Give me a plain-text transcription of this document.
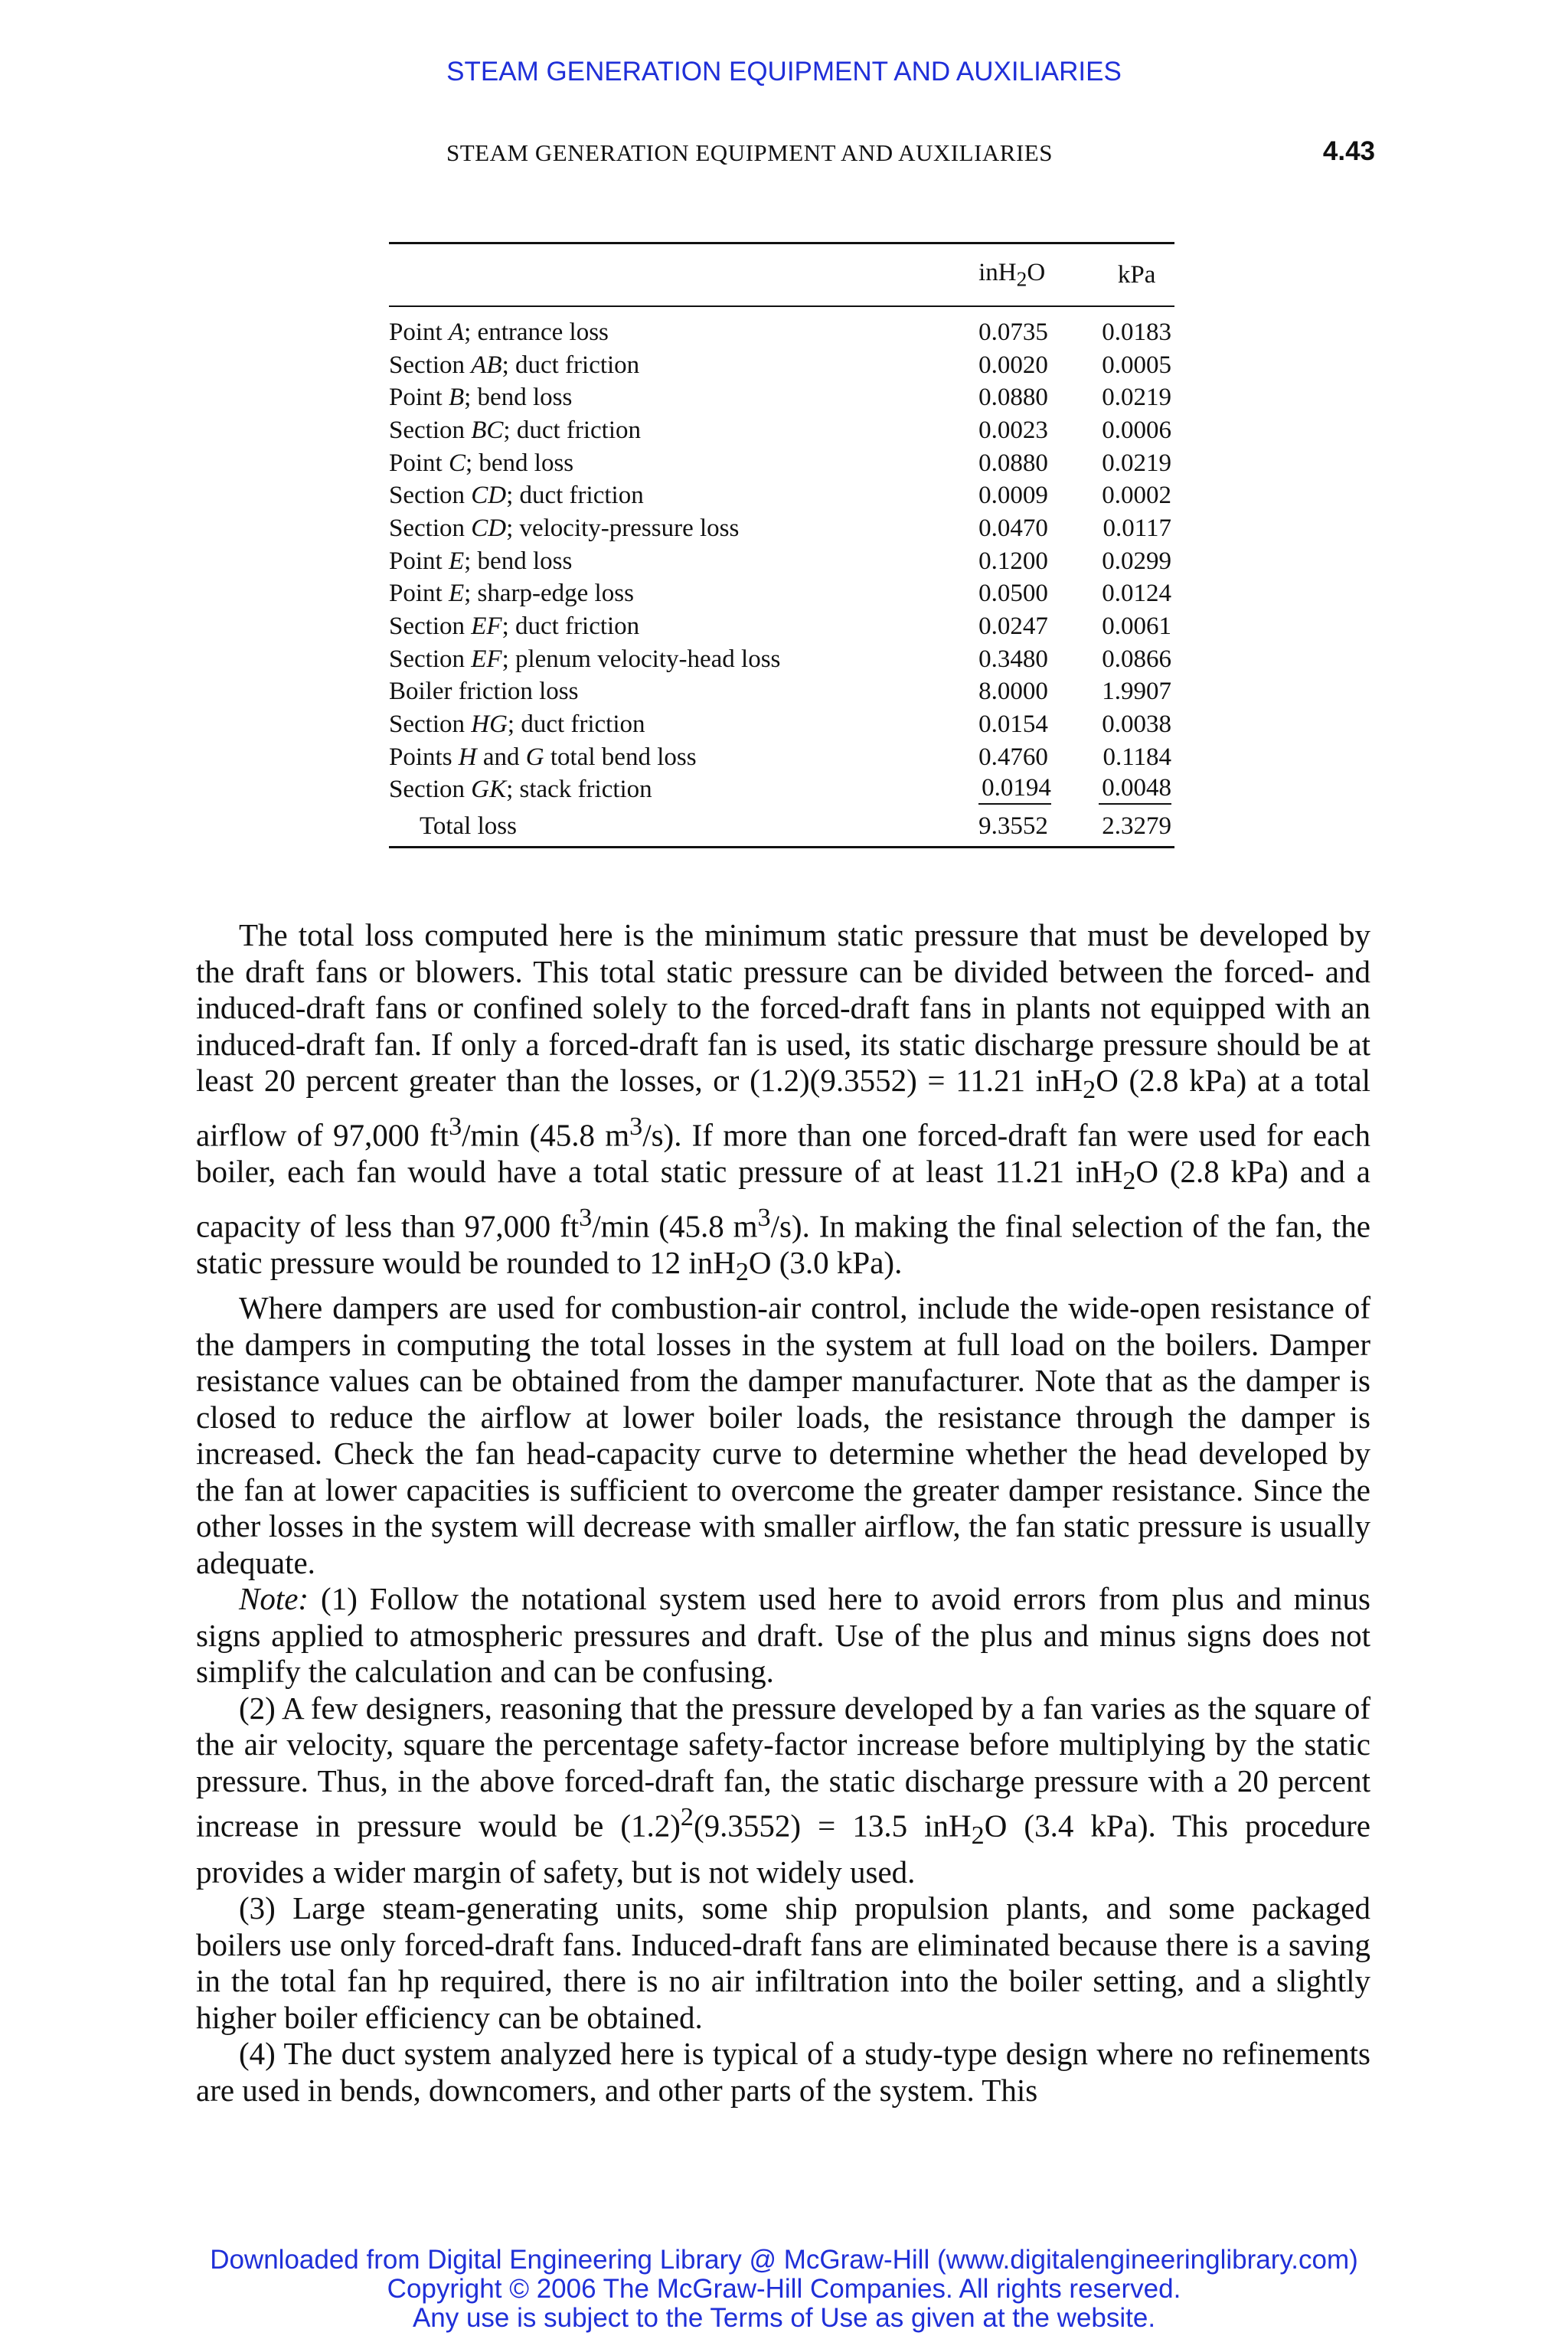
STEAM GENERATION EQUIPMENT AND AUXILIARIES
STEAM GENERATION EQUIPMENT AND AUXILIARIES	4.43
	inH$_2$O	kPa
Point A; entrance loss	0.0735	0.0183
Section AB; duct friction	0.0020	0.0005
Point B; bend loss	0.0880	0.0219
Section BC; duct friction	0.0023	0.0006
Point C; bend loss	0.0880	0.0219
Section CD; duct friction	0.0009	0.0002
Section CD; velocity-pressure loss	0.0470	0.0117
Point E; bend loss	0.1200	0.0299
Point E; sharp-edge loss	0.0500	0.0124
Section EF; duct friction	0.0247	0.0061
Section EF; plenum velocity-head loss	0.3480	0.0866
Boiler friction loss	8.0000	1.9907
Section HG; duct friction	0.0154	0.0038
Points H and G total bend loss	0.4760	0.1184
Section GK; stack friction	0.0194	0.0048
Total loss	9.3552	2.3279

The total loss computed here is the minimum static pressure that must be developed by the draft fans or blowers. This total static pressure can be divided between the forced- and induced-draft fans or confined solely to the forced-draft fans in plants not equipped with an induced-draft fan. If only a forced-draft fan is used, its static discharge pressure should be at least 20 percent greater than the losses, or (1.2)(9.3552) = 11.21 inH$_2$O (2.8 kPa) at a total airflow of 97,000 $ft^3/\min$ (45.8 $m^3/s$). If more than one forced-draft fan were used for each boiler, each fan would have a total static pressure of at least 11.21 inH$_2$O (2.8 kPa) and a capacity of less than 97,000 $ft^3/\min$ (45.8 $m^3/s$). In making the final selection of the fan, the static pressure would be rounded to 12 inH$_2$O (3.0 kPa).

Where dampers are used for combustion-air control, include the wide-open resistance of the dampers in computing the total losses in the system at full load on the boilers. Damper resistance values can be obtained from the damper manufacturer. Note that as the damper is closed to reduce the airflow at lower boiler loads, the resistance through the damper is increased. Check the fan head-capacity curve to determine whether the head developed by the fan at lower capacities is sufficient to overcome the greater damper resistance. Since the other losses in the system will decrease with smaller airflow, the fan static pressure is usually adequate.

Note: (1) Follow the notational system used here to avoid errors from plus and minus signs applied to atmospheric pressures and draft. Use of the plus and minus signs does not simplify the calculation and can be confusing.

(2) A few designers, reasoning that the pressure developed by a fan varies as the square of the air velocity, square the percentage safety-factor increase before multiplying by the static pressure. Thus, in the above forced-draft fan, the static discharge pressure with a 20 percent increase in pressure would be $(1.2)^2(9.3552) = 13.5$ inH$_2$O (3.4 kPa). This procedure provides a wider margin of safety, but is not widely used.

(3) Large steam-generating units, some ship propulsion plants, and some packaged boilers use only forced-draft fans. Induced-draft fans are eliminated because there is a saving in the total fan hp required, there is no air infiltration into the boiler setting, and a slightly higher boiler efficiency can be obtained.

(4) The duct system analyzed here is typical of a study-type design where no refinements are used in bends, downcomers, and other parts of the system. This

Downloaded from Digital Engineering Library @ McGraw-Hill (www.digitalengineeringlibrary.com)
Copyright © 2006 The McGraw-Hill Companies. All rights reserved.
Any use is subject to the Terms of Use as given at the website.
